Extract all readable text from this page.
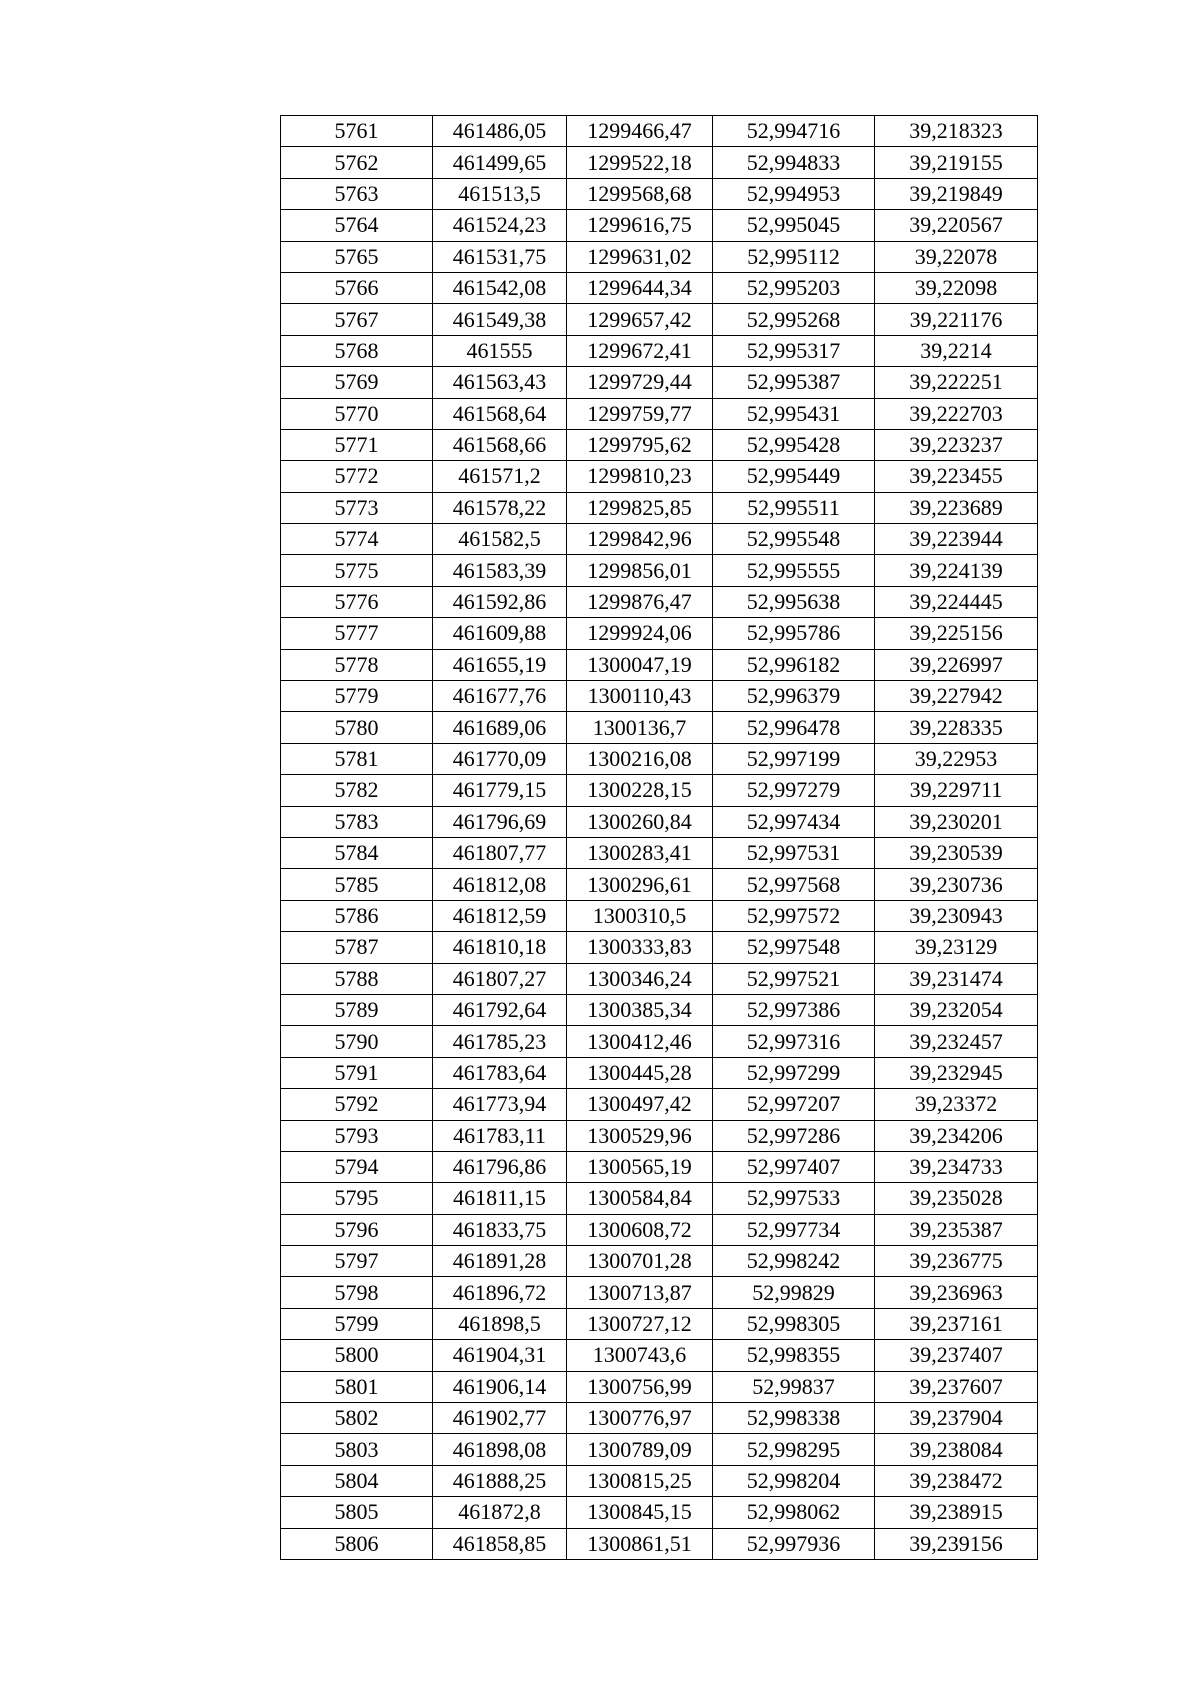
5761	461486,05	1299466,47	52,994716	39,218323
5762	461499,65	1299522,18	52,994833	39,219155
5763	461513,5	1299568,68	52,994953	39,219849
5764	461524,23	1299616,75	52,995045	39,220567
5765	461531,75	1299631,02	52,995112	39,22078
5766	461542,08	1299644,34	52,995203	39,22098
5767	461549,38	1299657,42	52,995268	39,221176
5768	461555	1299672,41	52,995317	39,2214
5769	461563,43	1299729,44	52,995387	39,222251
5770	461568,64	1299759,77	52,995431	39,222703
5771	461568,66	1299795,62	52,995428	39,223237
5772	461571,2	1299810,23	52,995449	39,223455
5773	461578,22	1299825,85	52,995511	39,223689
5774	461582,5	1299842,96	52,995548	39,223944
5775	461583,39	1299856,01	52,995555	39,224139
5776	461592,86	1299876,47	52,995638	39,224445
5777	461609,88	1299924,06	52,995786	39,225156
5778	461655,19	1300047,19	52,996182	39,226997
5779	461677,76	1300110,43	52,996379	39,227942
5780	461689,06	1300136,7	52,996478	39,228335
5781	461770,09	1300216,08	52,997199	39,22953
5782	461779,15	1300228,15	52,997279	39,229711
5783	461796,69	1300260,84	52,997434	39,230201
5784	461807,77	1300283,41	52,997531	39,230539
5785	461812,08	1300296,61	52,997568	39,230736
5786	461812,59	1300310,5	52,997572	39,230943
5787	461810,18	1300333,83	52,997548	39,23129
5788	461807,27	1300346,24	52,997521	39,231474
5789	461792,64	1300385,34	52,997386	39,232054
5790	461785,23	1300412,46	52,997316	39,232457
5791	461783,64	1300445,28	52,997299	39,232945
5792	461773,94	1300497,42	52,997207	39,23372
5793	461783,11	1300529,96	52,997286	39,234206
5794	461796,86	1300565,19	52,997407	39,234733
5795	461811,15	1300584,84	52,997533	39,235028
5796	461833,75	1300608,72	52,997734	39,235387
5797	461891,28	1300701,28	52,998242	39,236775
5798	461896,72	1300713,87	52,99829	39,236963
5799	461898,5	1300727,12	52,998305	39,237161
5800	461904,31	1300743,6	52,998355	39,237407
5801	461906,14	1300756,99	52,99837	39,237607
5802	461902,77	1300776,97	52,998338	39,237904
5803	461898,08	1300789,09	52,998295	39,238084
5804	461888,25	1300815,25	52,998204	39,238472
5805	461872,8	1300845,15	52,998062	39,238915
5806	461858,85	1300861,51	52,997936	39,239156
